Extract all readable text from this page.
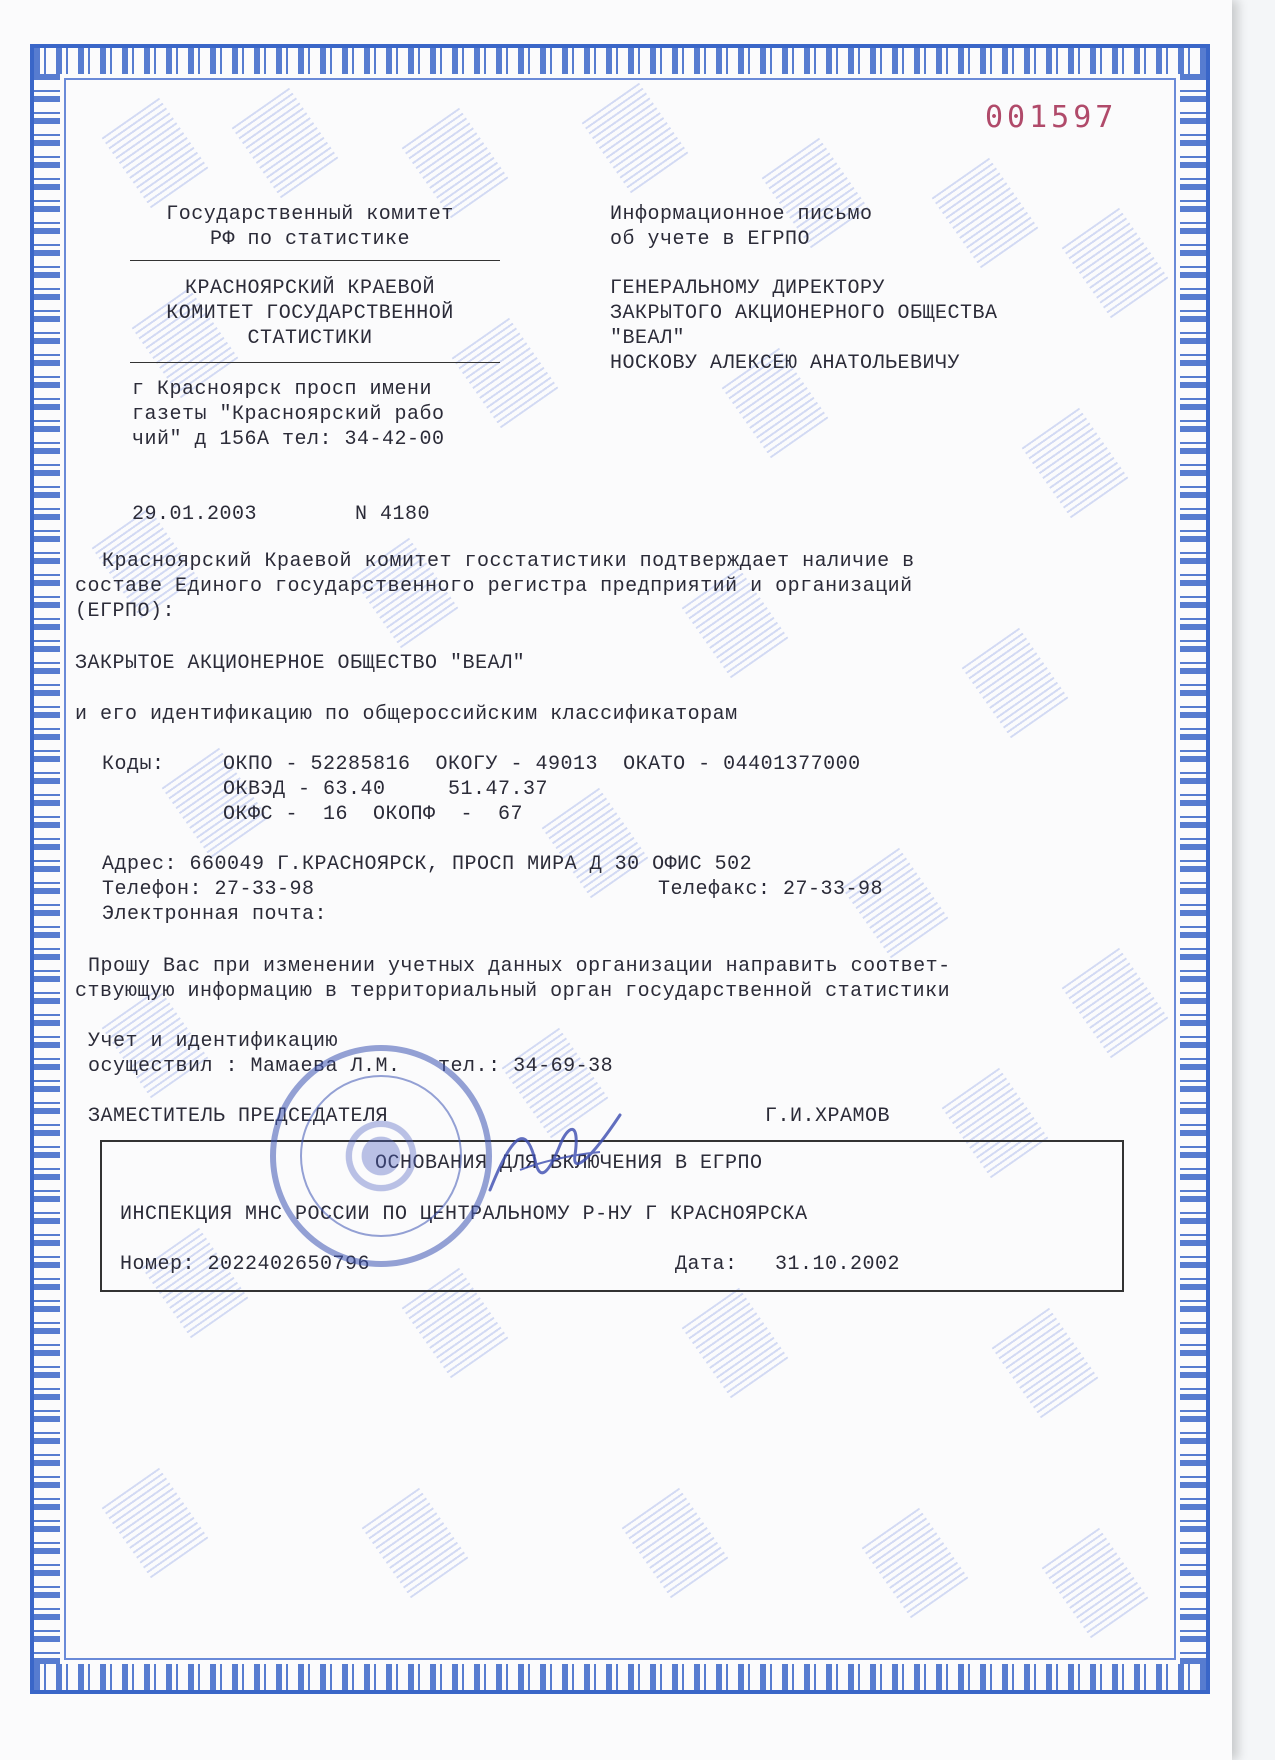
001597
Государственный комитет
РФ по статистике
КРАСНОЯРСКИЙ КРАЕВОЙ
КОМИТЕТ ГОСУДАРСТВЕННОЙ
СТАТИСТИКИ
г Красноярск просп имени
газеты "Красноярский рабо
чий" д 156А тел: 34-42-00
29.01.2003	N 4180
Информационное письмо
об учете в ЕГРПО
ГЕНЕРАЛЬНОМУ ДИРЕКТОРУ
ЗАКРЫТОГО АКЦИОНЕРНОГО ОБЩЕСТВА
"ВЕАЛ"
НОСКОВУ АЛЕКСЕЮ АНАТОЛЬЕВИЧУ
Красноярский Краевой комитет госстатистики подтверждает наличие в
составе Единого государственного регистра предприятий и организаций
(ЕГРПО):
ЗАКРЫТОЕ АКЦИОНЕРНОЕ ОБЩЕСТВО "ВЕАЛ"
и его идентификацию по общероссийским классификаторам
Коды:	ОКПО - 52285816  ОКОГУ - 49013  ОКАТО - 04401377000
ОКВЭД - 63.40     51.47.37
ОКФС -  16  ОКОПФ  -  67
Адрес: 660049 Г.КРАСНОЯРСК, ПРОСП МИРА Д 30 ОФИС 502
Телефон: 27-33-98	Телефакс: 27-33-98
Электронная почта:
Прошу Вас при изменении учетных данных организации направить соответ-
ствующую информацию в территориальный орган государственной статистики
Учет и идентификацию
осуществил : Мамаева Л.М.   тел.: 34-69-38
ЗАМЕСТИТЕЛЬ ПРЕДСЕДАТЕЛЯ	Г.И.ХРАМОВ
ОСНОВАНИЯ ДЛЯ ВКЛЮЧЕНИЯ В ЕГРПО
ИНСПЕКЦИЯ МНС РОССИИ ПО ЦЕНТРАЛЬНОМУ Р-НУ Г КРАСНОЯРСКА
Номер: 2022402650796	Дата:   31.10.2002
